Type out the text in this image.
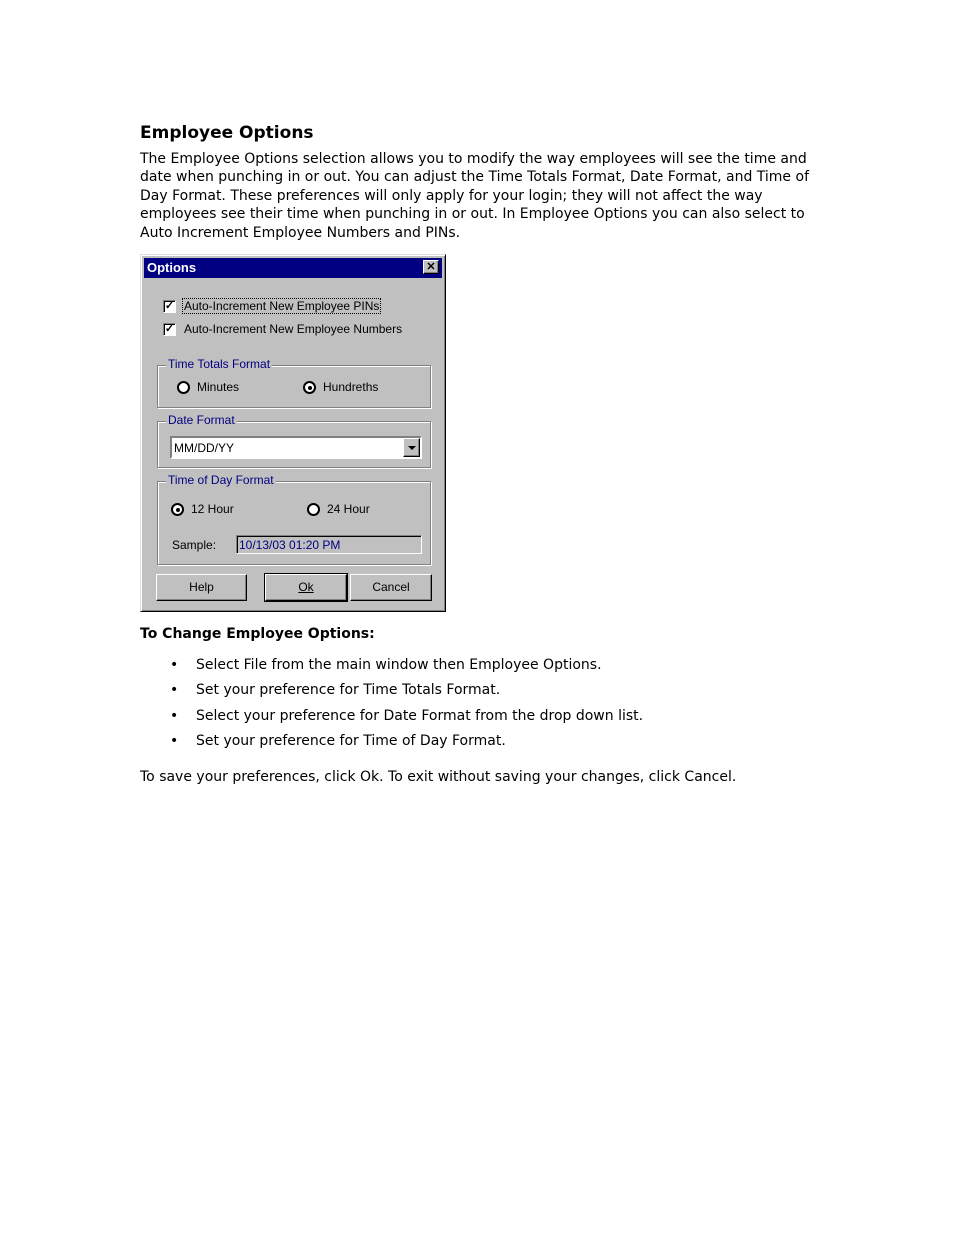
Employee Options

The Employee Options selection allows you to modify the way employees will see the time and date when punching in or out. You can adjust the Time Totals Format, Date Format, and Time of Day Format. These preferences will only apply for your login; they will not affect the way employees see their time when punching in or out. In Employee Options you can also select to Auto Increment Employee Numbers and PINs.

Options	✕
✓ Auto-Increment New Employee PINs
✓ Auto-Increment New Employee Numbers
Time Totals Format
Minutes	Hundreths
Date Format
MM/DD/YY
Time of Day Format
12 Hour	24 Hour
Sample: 10/13/03 01:20 PM
Help	Ok	Cancel
To Change Employee Options:
• Select File from the main window then Employee Options.
• Set your preference for Time Totals Format.
• Select your preference for Date Format from the drop down list.
• Set your preference for Time of Day Format.

To save your preferences, click Ok. To exit without saving your changes, click Cancel.
